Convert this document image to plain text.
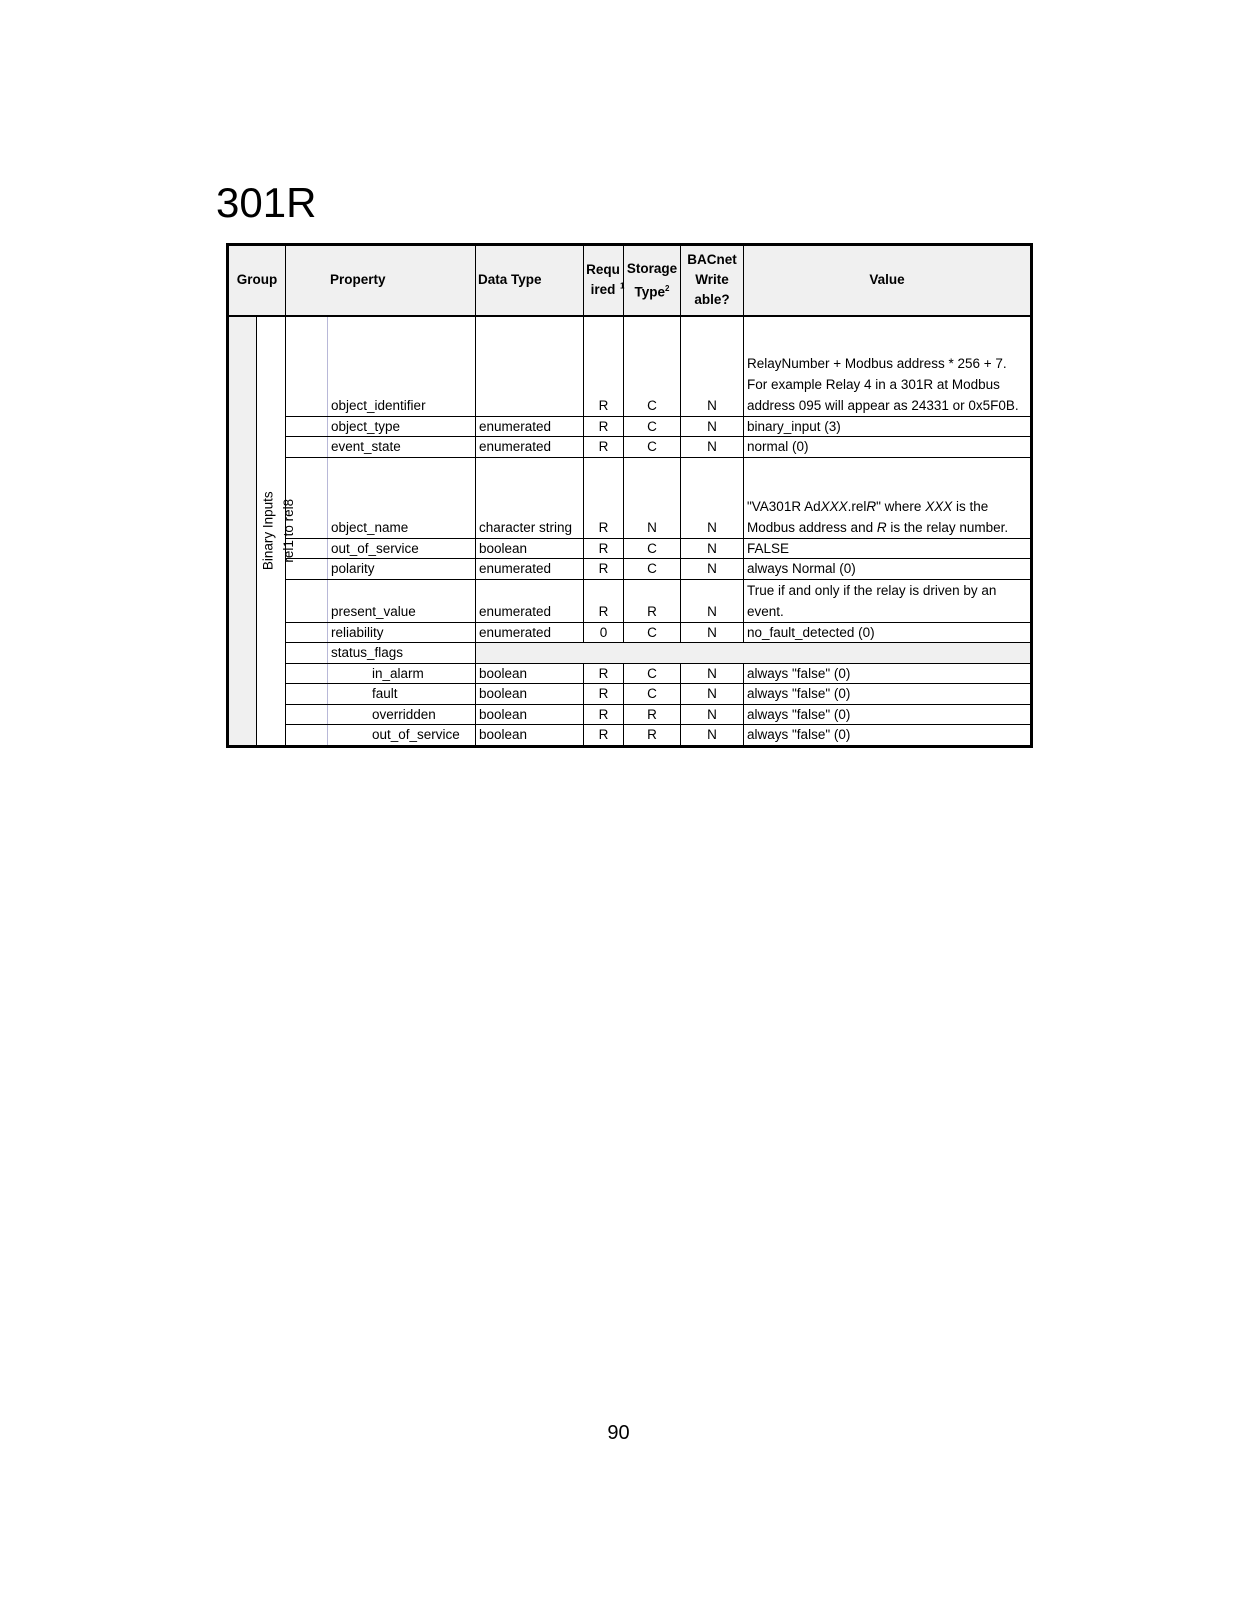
301R
Group		Property		Data Type	Requ ired $^1$	Storage Type$^2$	BACnet Write able?	Value
Binary Inputs	rel1 to rel8		object_identifier		R	C	N	RelayNumber + Modbus address * 256 + 7. For example Relay 4 in a 301R at Modbus address 095 will appear as 24331 or 0x5F0B.
			object_type	enumerated	R	C	N	binary_input (3)
			event_state	enumerated	R	C	N	normal (0)
			object_name	character string	R	N	N	"VA301R AdXXX.relR" where XXX is the Modbus address and R is the relay number.
			out_of_service	boolean	R	C	N	FALSE
			polarity	enumerated	R	C	N	always Normal (0)
			present_value	enumerated	R	R	N	True if and only if the relay is driven by an event.
			reliability	enumerated	0	C	N	no_fault_detected (0)
			status_flags					
			in_alarm	boolean	R	C	N	always "false" (0)
			fault	boolean	R	C	N	always "false" (0)
			overridden	boolean	R	R	N	always "false" (0)
			out_of_service	boolean	R	R	N	always "false" (0)
90
